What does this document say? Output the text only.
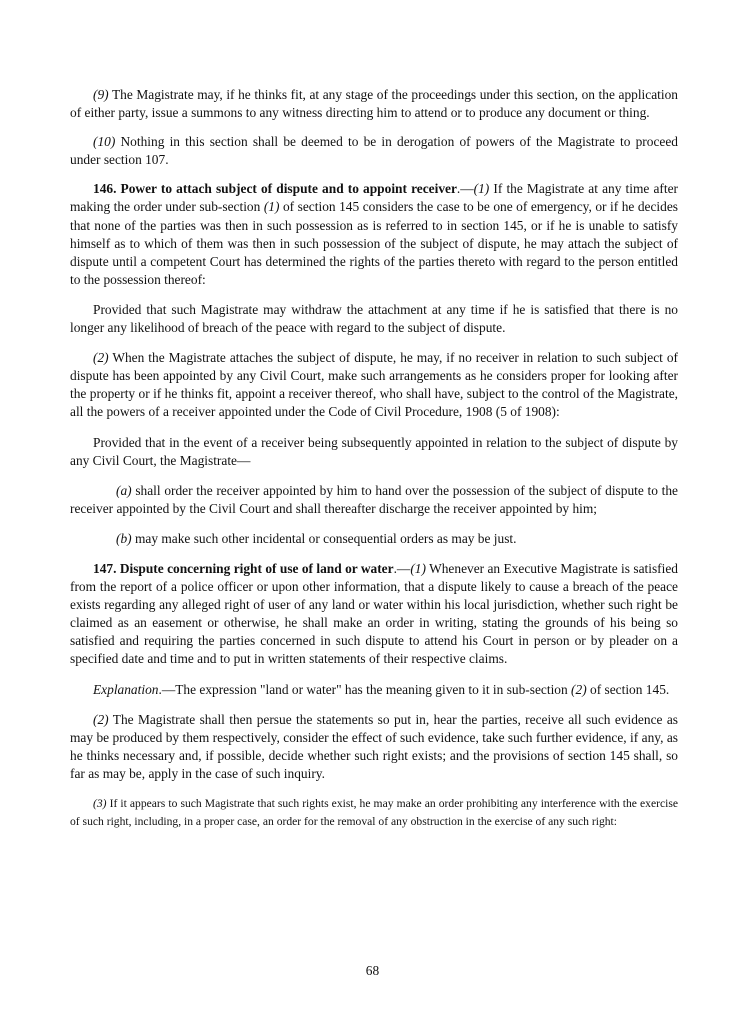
(9) The Magistrate may, if he thinks fit, at any stage of the proceedings under this section, on the application of either party, issue a summons to any witness directing him to attend or to produce any document or thing.

(10) Nothing in this section shall be deemed to be in derogation of powers of the Magistrate to proceed under section 107.

146. Power to attach subject of dispute and to appoint receiver.—(1) If the Magistrate at any time after making the order under sub-section (1) of section 145 considers the case to be one of emergency, or if he decides that none of the parties was then in such possession as is referred to in section 145, or if he is unable to satisfy himself as to which of them was then in such possession of the subject of dispute, he may attach the subject of dispute until a competent Court has determined the rights of the parties thereto with regard to the person entitled to the possession thereof:

Provided that such Magistrate may withdraw the attachment at any time if he is satisfied that there is no longer any likelihood of breach of the peace with regard to the subject of dispute.

(2) When the Magistrate attaches the subject of dispute, he may, if no receiver in relation to such subject of dispute has been appointed by any Civil Court, make such arrangements as he considers proper for looking after the property or if he thinks fit, appoint a receiver thereof, who shall have, subject to the control of the Magistrate, all the powers of a receiver appointed under the Code of Civil Procedure, 1908 (5 of 1908):

Provided that in the event of a receiver being subsequently appointed in relation to the subject of dispute by any Civil Court, the Magistrate—

(a) shall order the receiver appointed by him to hand over the possession of the subject of dispute to the receiver appointed by the Civil Court and shall thereafter discharge the receiver appointed by him;

(b) may make such other incidental or consequential orders as may be just.

147. Dispute concerning right of use of land or water.—(1) Whenever an Executive Magistrate is satisfied from the report of a police officer or upon other information, that a dispute likely to cause a breach of the peace exists regarding any alleged right of user of any land or water within his local jurisdiction, whether such right be claimed as an easement or otherwise, he shall make an order in writing, stating the grounds of his being so satisfied and requiring the parties concerned in such dispute to attend his Court in person or by pleader on a specified date and time and to put in written statements of their respective claims.

Explanation.—The expression "land or water" has the meaning given to it in sub-section (2) of section 145.

(2) The Magistrate shall then persue the statements so put in, hear the parties, receive all such evidence as may be produced by them respectively, consider the effect of such evidence, take such further evidence, if any, as he thinks necessary and, if possible, decide whether such right exists; and the provisions of section 145 shall, so far as may be, apply in the case of such inquiry.

(3) If it appears to such Magistrate that such rights exist, he may make an order prohibiting any interference with the exercise of such right, including, in a proper case, an order for the removal of any obstruction in the exercise of any such right:

68
